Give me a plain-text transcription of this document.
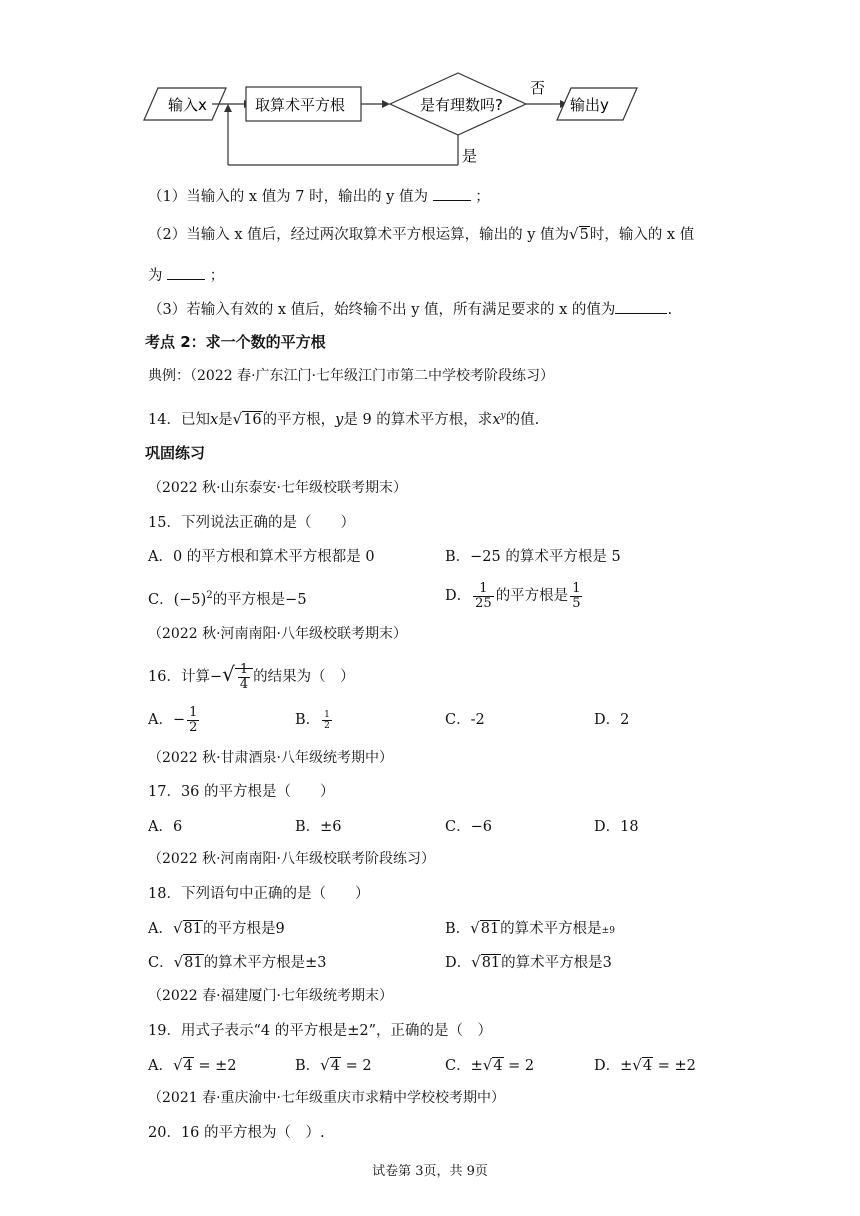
输入x	取算术平方根	是有理数吗?
否
输出y
是
（1）当输入的 x 值为 7 时，输出的 y 值为	；
（2）当输入 x 值后，经过两次取算术平方根运算，输出的 y 值为√5时，输入的 x 值
为	；
（3）若输入有效的 x 值后，始终输不出 y 值，所有满足要求的 x 的值为	.
考点 2：求一个数的平方根
典例：（2022 春·广东江门·七年级江门市第二中学校考阶段练习）
14．已知x是√16的平方根，y是 9 的算术平方根，求$x^y$的值.
巩固练习
（2022 秋·山东泰安·七年级校联考期末）
15．下列说法正确的是（　　）
A．0 的平方根和算术平方根都是 0	B．−25 的算术平方根是 5
C．$(-5)^2$的平方根是−5	D． $\frac{1}{25}$ 的平方根是 $\frac{1}{5}$
（2022 秋·河南南阳·八年级校联考期末）
16．计算−√ $\frac{1}{4}$ 的结果为（　）
A．− $\frac{1}{2}$	B． $\frac{1}{2}$	C．-2	D．2
（2022 秋·甘肃酒泉·八年级统考期中）
17．36 的平方根是（　　）
A．6	B．±6	C．−6	D．18
（2022 秋·河南南阳·八年级校联考阶段练习）
18．下列语句中正确的是（　　）
A．√81的平方根是9	B．√81的算术平方根是±9
C．√81的算术平方根是±3	D．√81的算术平方根是3
（2022 春·福建厦门·七年级统考期末）
19．用式子表示“4 的平方根是±2”，正确的是（　）
A．√4 = ±2	B．√4 = 2	C．±√4 = 2	D．±√4 = ±2
（2021 春·重庆渝中·七年级重庆市求精中学校校考期中）
20．16 的平方根为（　）.
试卷第 3页，共 9页
